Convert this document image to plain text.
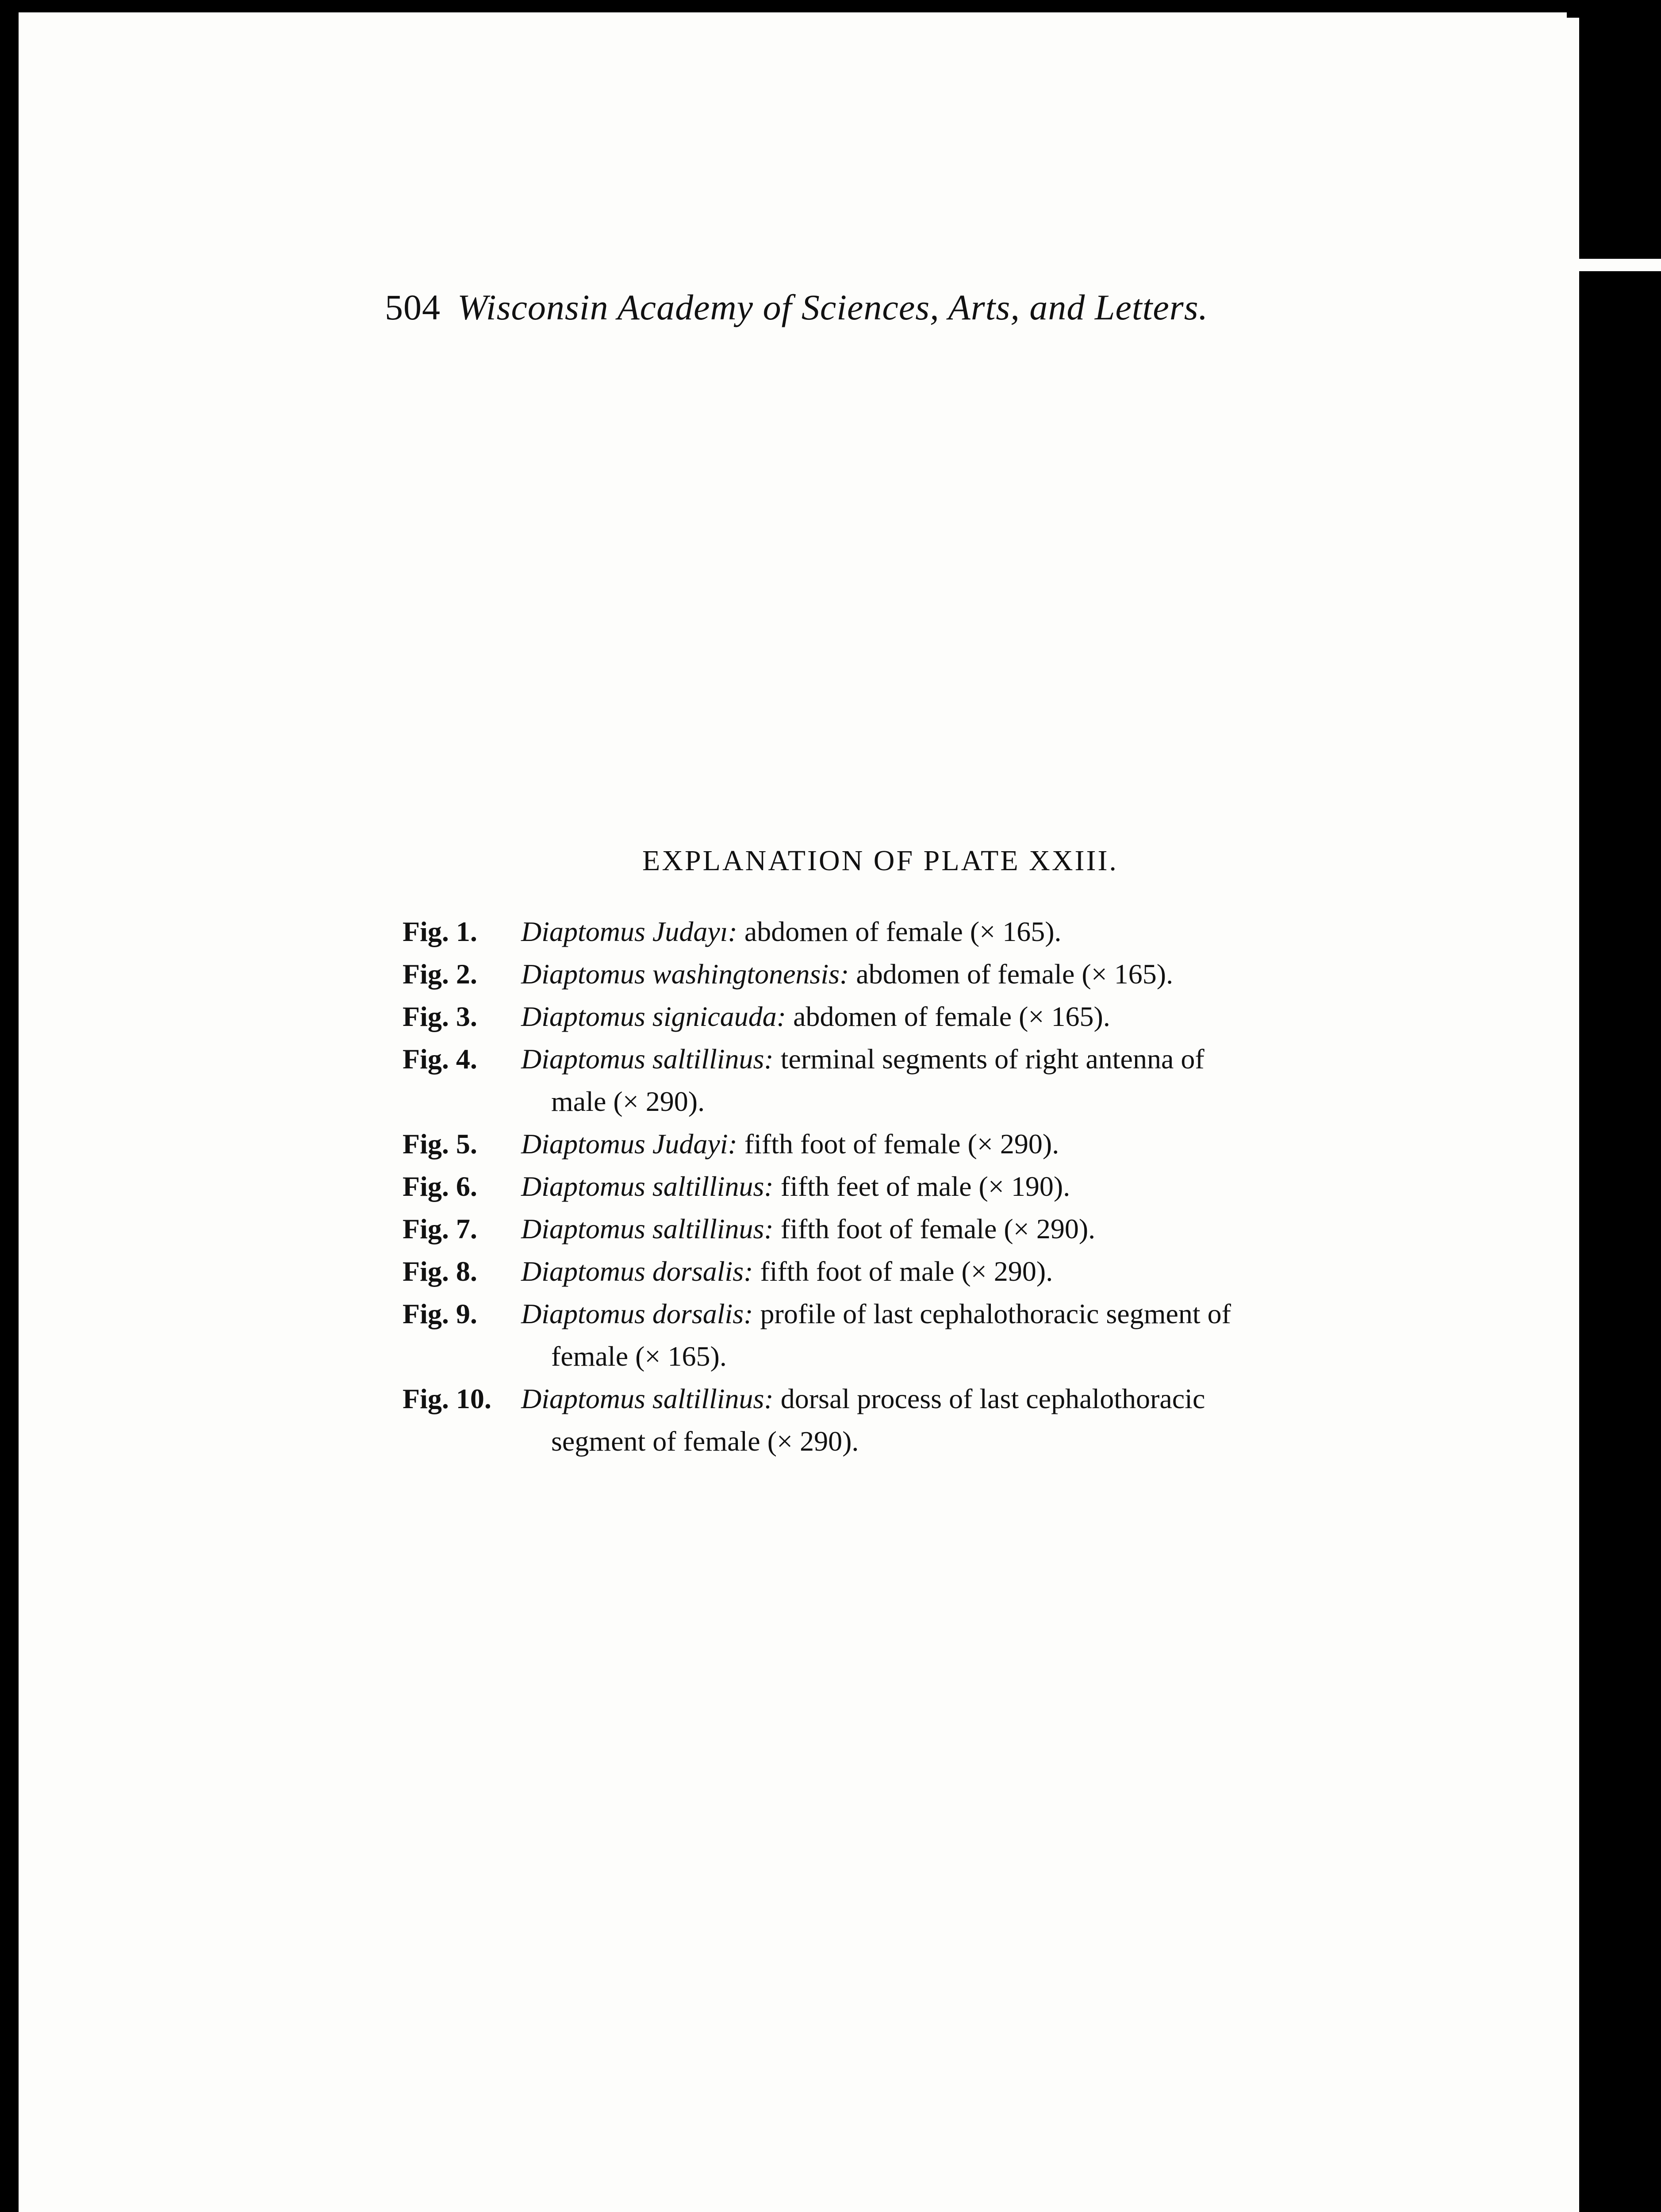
504 Wisconsin Academy of Sciences, Arts, and Letters.
EXPLANATION OF PLATE XXIII.
Fig. 1. Diaptomus Judayı: abdomen of female (× 165).
Fig. 2. Diaptomus washingtonensis: abdomen of female (× 165).
Fig. 3. Diaptomus signicauda: abdomen of female (× 165).
Fig. 4. Diaptomus saltillinus: terminal segments of right antenna of
male (× 290).
Fig. 5. Diaptomus Judayi: fifth foot of female (× 290).
Fig. 6. Diaptomus saltillinus: fifth feet of male (× 190).
Fig. 7. Diaptomus saltillinus: fifth foot of female (× 290).
Fig. 8. Diaptomus dorsalis: fifth foot of male (× 290).
Fig. 9. Diaptomus dorsalis: profile of last cephalothoracic segment of
female (× 165).
Fig. 10. Diaptomus saltillinus: dorsal process of last cephalothoracic
segment of female (× 290).
